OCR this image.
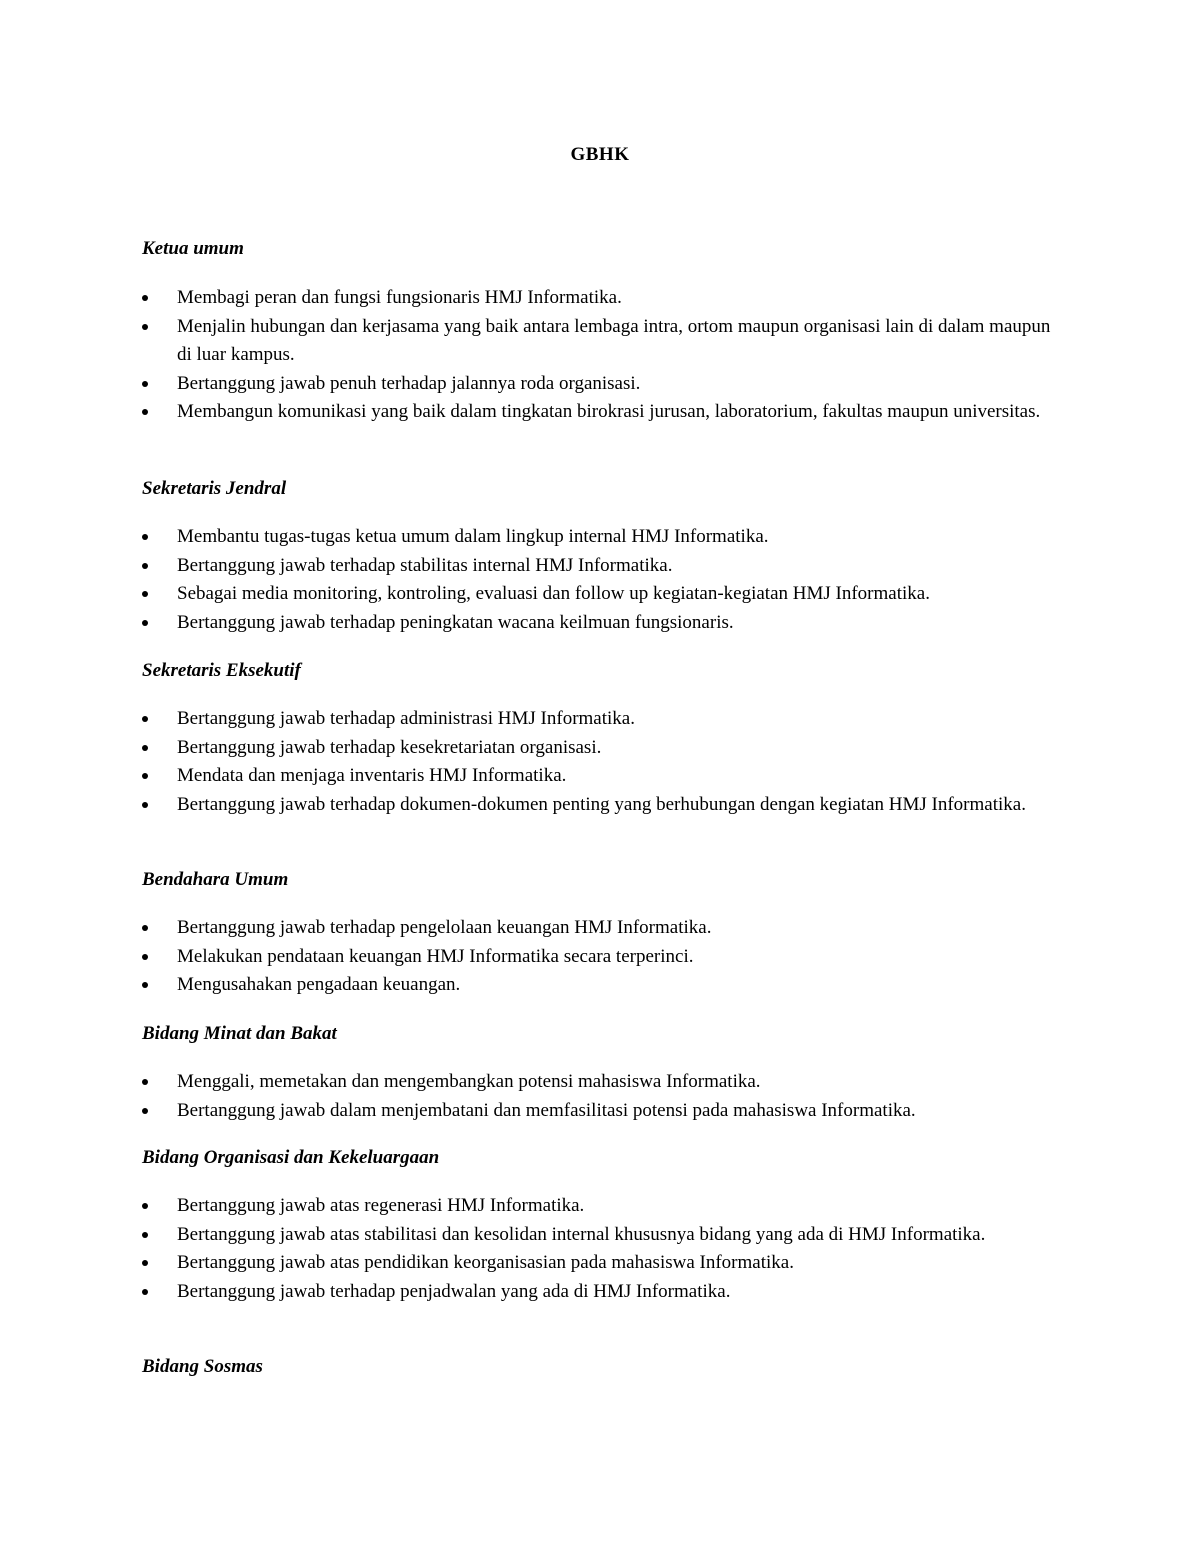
GBHK
Ketua umum
Membagi peran dan fungsi fungsionaris HMJ Informatika.
Menjalin hubungan dan kerjasama yang baik antara lembaga intra, ortom maupun organisasi lain di dalam maupun di luar kampus.
Bertanggung jawab penuh terhadap jalannya roda organisasi.
Membangun komunikasi yang baik dalam tingkatan birokrasi jurusan, laboratorium, fakultas maupun universitas.
Sekretaris Jendral
Membantu tugas-tugas ketua umum dalam lingkup internal HMJ Informatika.
Bertanggung jawab terhadap stabilitas internal HMJ Informatika.
Sebagai media monitoring, kontroling, evaluasi dan follow up kegiatan-kegiatan HMJ Informatika.
Bertanggung jawab terhadap peningkatan wacana keilmuan fungsionaris.
Sekretaris Eksekutif
Bertanggung jawab terhadap administrasi HMJ Informatika.
Bertanggung jawab terhadap kesekretariatan organisasi.
Mendata dan menjaga inventaris HMJ Informatika.
Bertanggung jawab terhadap dokumen-dokumen penting yang berhubungan dengan kegiatan HMJ Informatika.
Bendahara Umum
Bertanggung jawab terhadap pengelolaan keuangan HMJ Informatika.
Melakukan pendataan keuangan HMJ Informatika secara terperinci.
Mengusahakan pengadaan keuangan.
Bidang Minat dan Bakat
Menggali, memetakan dan mengembangkan potensi mahasiswa Informatika.
Bertanggung jawab dalam menjembatani dan memfasilitasi potensi pada mahasiswa Informatika.
Bidang Organisasi dan Kekeluargaan
Bertanggung jawab atas regenerasi HMJ Informatika.
Bertanggung jawab atas stabilitasi dan kesolidan internal khususnya bidang yang ada di HMJ Informatika.
Bertanggung jawab atas pendidikan keorganisasian pada mahasiswa Informatika.
Bertanggung jawab terhadap penjadwalan yang ada di HMJ Informatika.
Bidang Sosmas
